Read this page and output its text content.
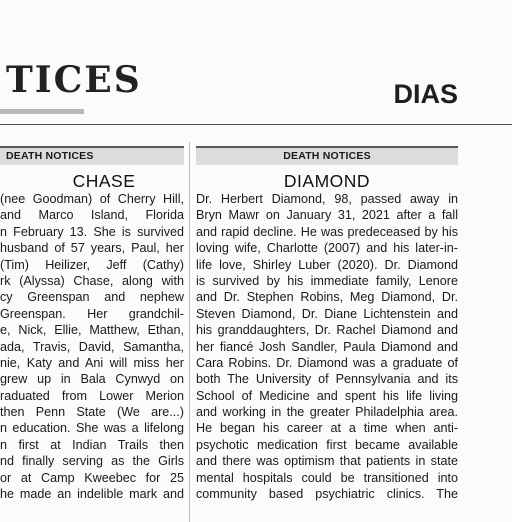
TICES	DIAS
DEATH NOTICES
CHASE
(nee Goodman) of Cherry Hill,
and Marco Island, Florida
n February 13. She is survived
husband of 57 years, Paul, her
(Tim) Heilizer, Jeff (Cathy)
rk (Alyssa) Chase, along with
cy Greenspan and nephew
Greenspan. Her grandchil-
e, Nick, Ellie, Matthew, Ethan,
ada, Travis, David, Samantha,
nie, Katy and Ani will miss her
grew up in Bala Cynwyd on
raduated from Lower Merion
then Penn State (We are...)
n education. She was a lifelong
n first at Indian Trails then
nd finally serving as the Girls
or at Camp Kweebec for 25
he made an indelible mark and
DEATH NOTICES
DIAMOND
Dr. Herbert Diamond, 98, passed away in
Bryn Mawr on January 31, 2021 after a fall
and rapid decline. He was predeceased by his
loving wife, Charlotte (2007) and his later-in-
life love, Shirley Luber (2020). Dr. Diamond
is survived by his immediate family, Lenore
and Dr. Stephen Robins, Meg Diamond, Dr.
Steven Diamond, Dr. Diane Lichtenstein and
his granddaughters, Dr. Rachel Diamond and
her fiancé Josh Sandler, Paula Diamond and
Cara Robins. Dr. Diamond was a graduate of
both The University of Pennsylvania and its
School of Medicine and spent his life living
and working in the greater Philadelphia area.
He began his career at a time when anti-
psychotic medication first became available
and there was optimism that patients in state
mental hospitals could be transitioned into
community based psychiatric clinics. The
